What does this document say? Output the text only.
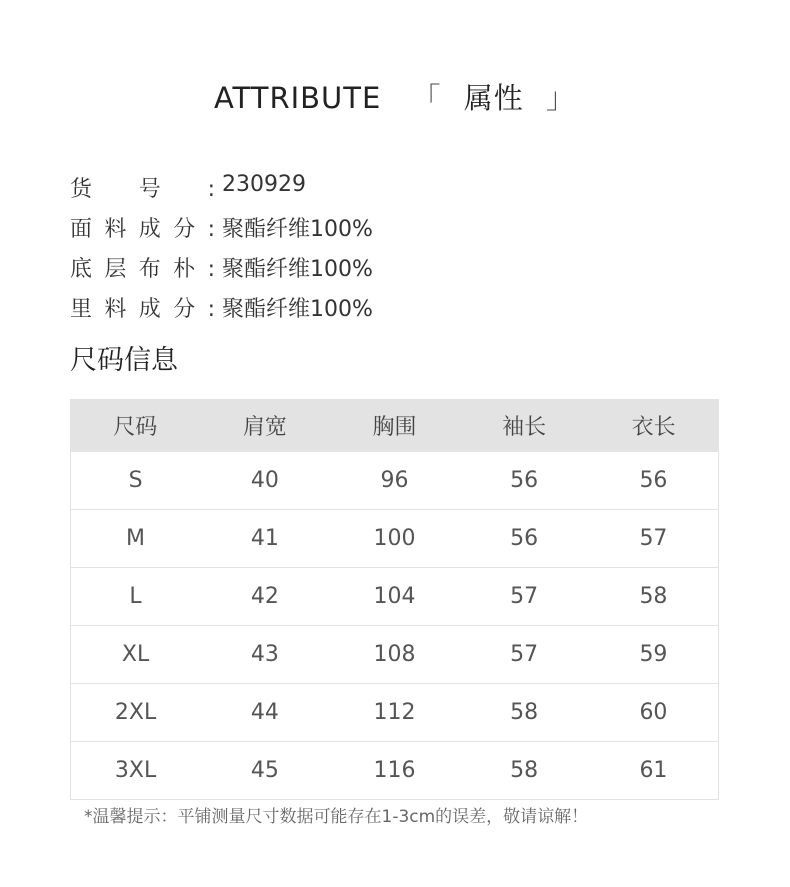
ATTRIBUTE 「 属性 」
货号: 230929
面料成分: 聚酯纤维100%
底层布朴: 聚酯纤维100%
里料成分: 聚酯纤维100%
尺码信息
尺码	肩宽	胸围	袖长	衣长
S	40	96	56	56
M	41	100	56	57
L	42	104	57	58
XL	43	108	57	59
2XL	44	112	58	60
3XL	45	116	58	61
*温馨提示：平铺测量尺寸数据可能存在1-3cm的误差，敬请谅解！
